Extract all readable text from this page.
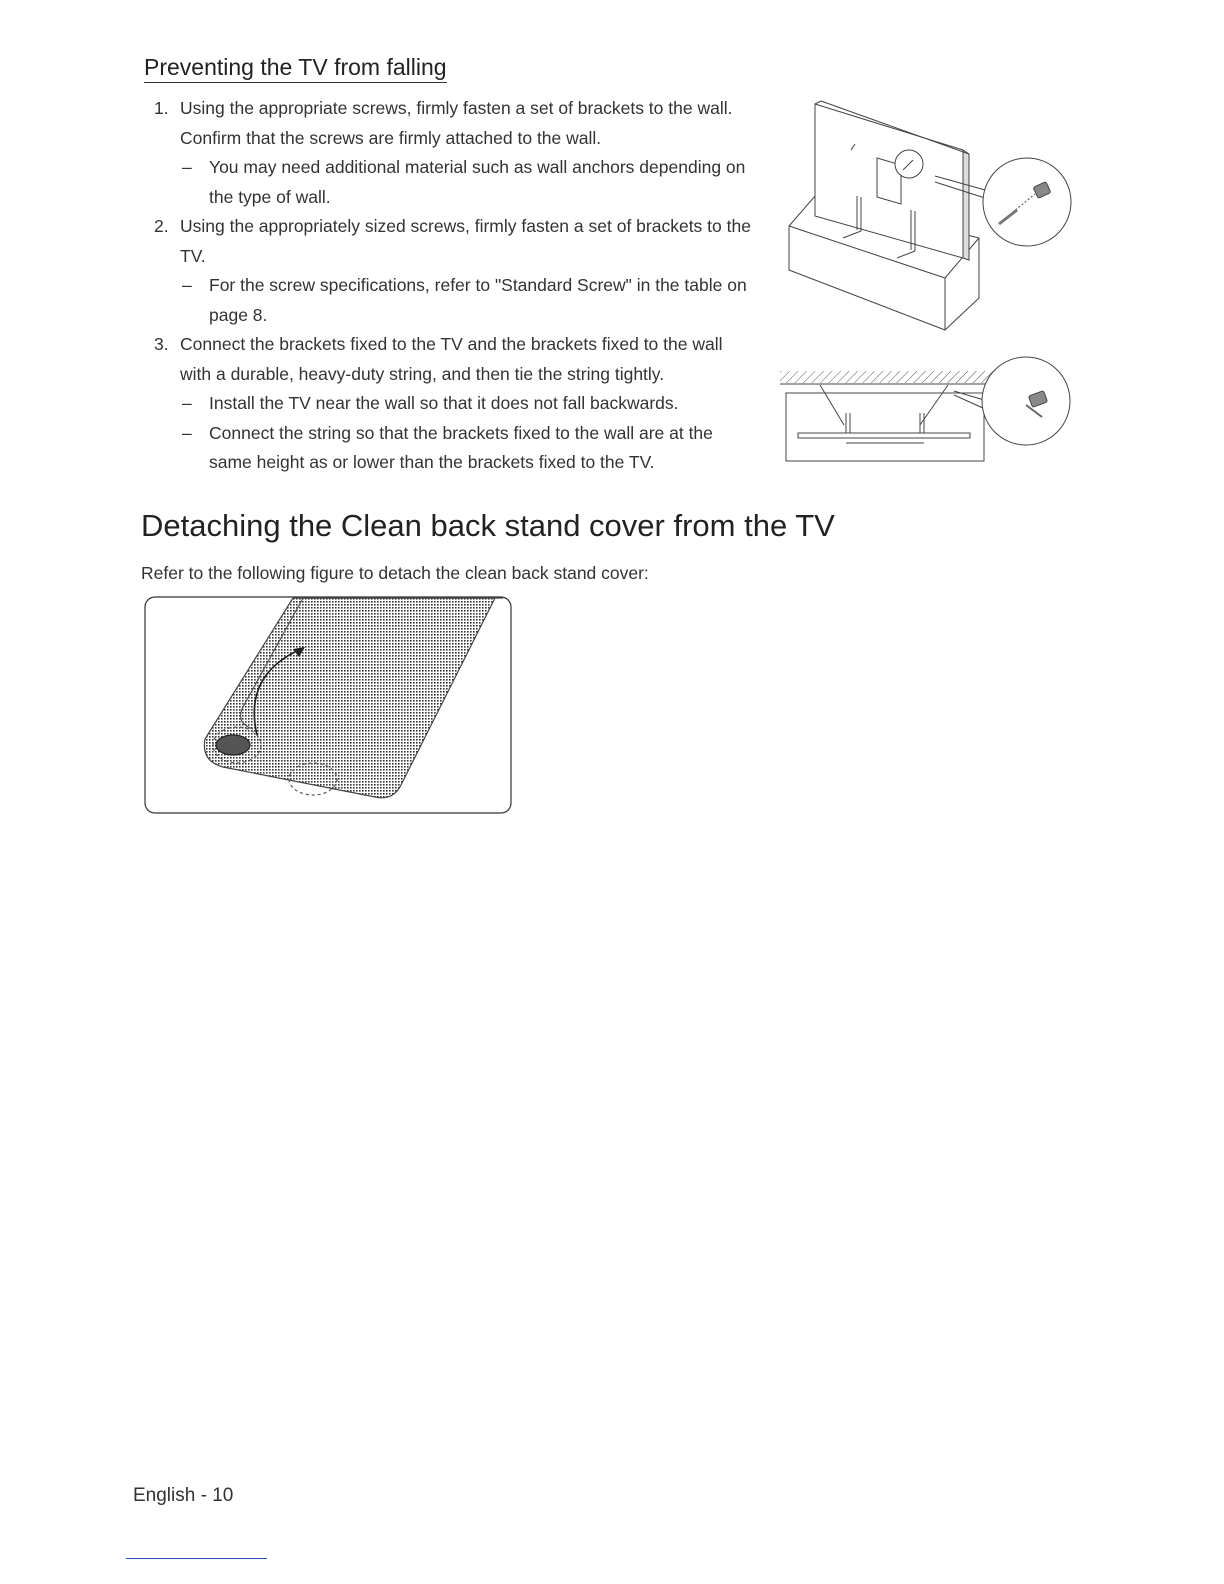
Preventing the TV from falling
1. Using the appropriate screws, firmly fasten a set of brackets to the wall.
Confirm that the screws are firmly attached to the wall.
– You may need additional material such as wall anchors depending on
the type of wall.
2. Using the appropriately sized screws, firmly fasten a set of brackets to the
TV.
– For the screw specifications, refer to "Standard Screw" in the table on
page 8.
3. Connect the brackets fixed to the TV and the brackets fixed to the wall
with a durable, heavy-duty string, and then tie the string tightly.
– Install the TV near the wall so that it does not fall backwards.
– Connect the string so that the brackets fixed to the wall are at the
same height as or lower than the brackets fixed to the TV.
Detaching the Clean back stand cover from the TV
Refer to the following figure to detach the clean back stand cover:
English - 10
